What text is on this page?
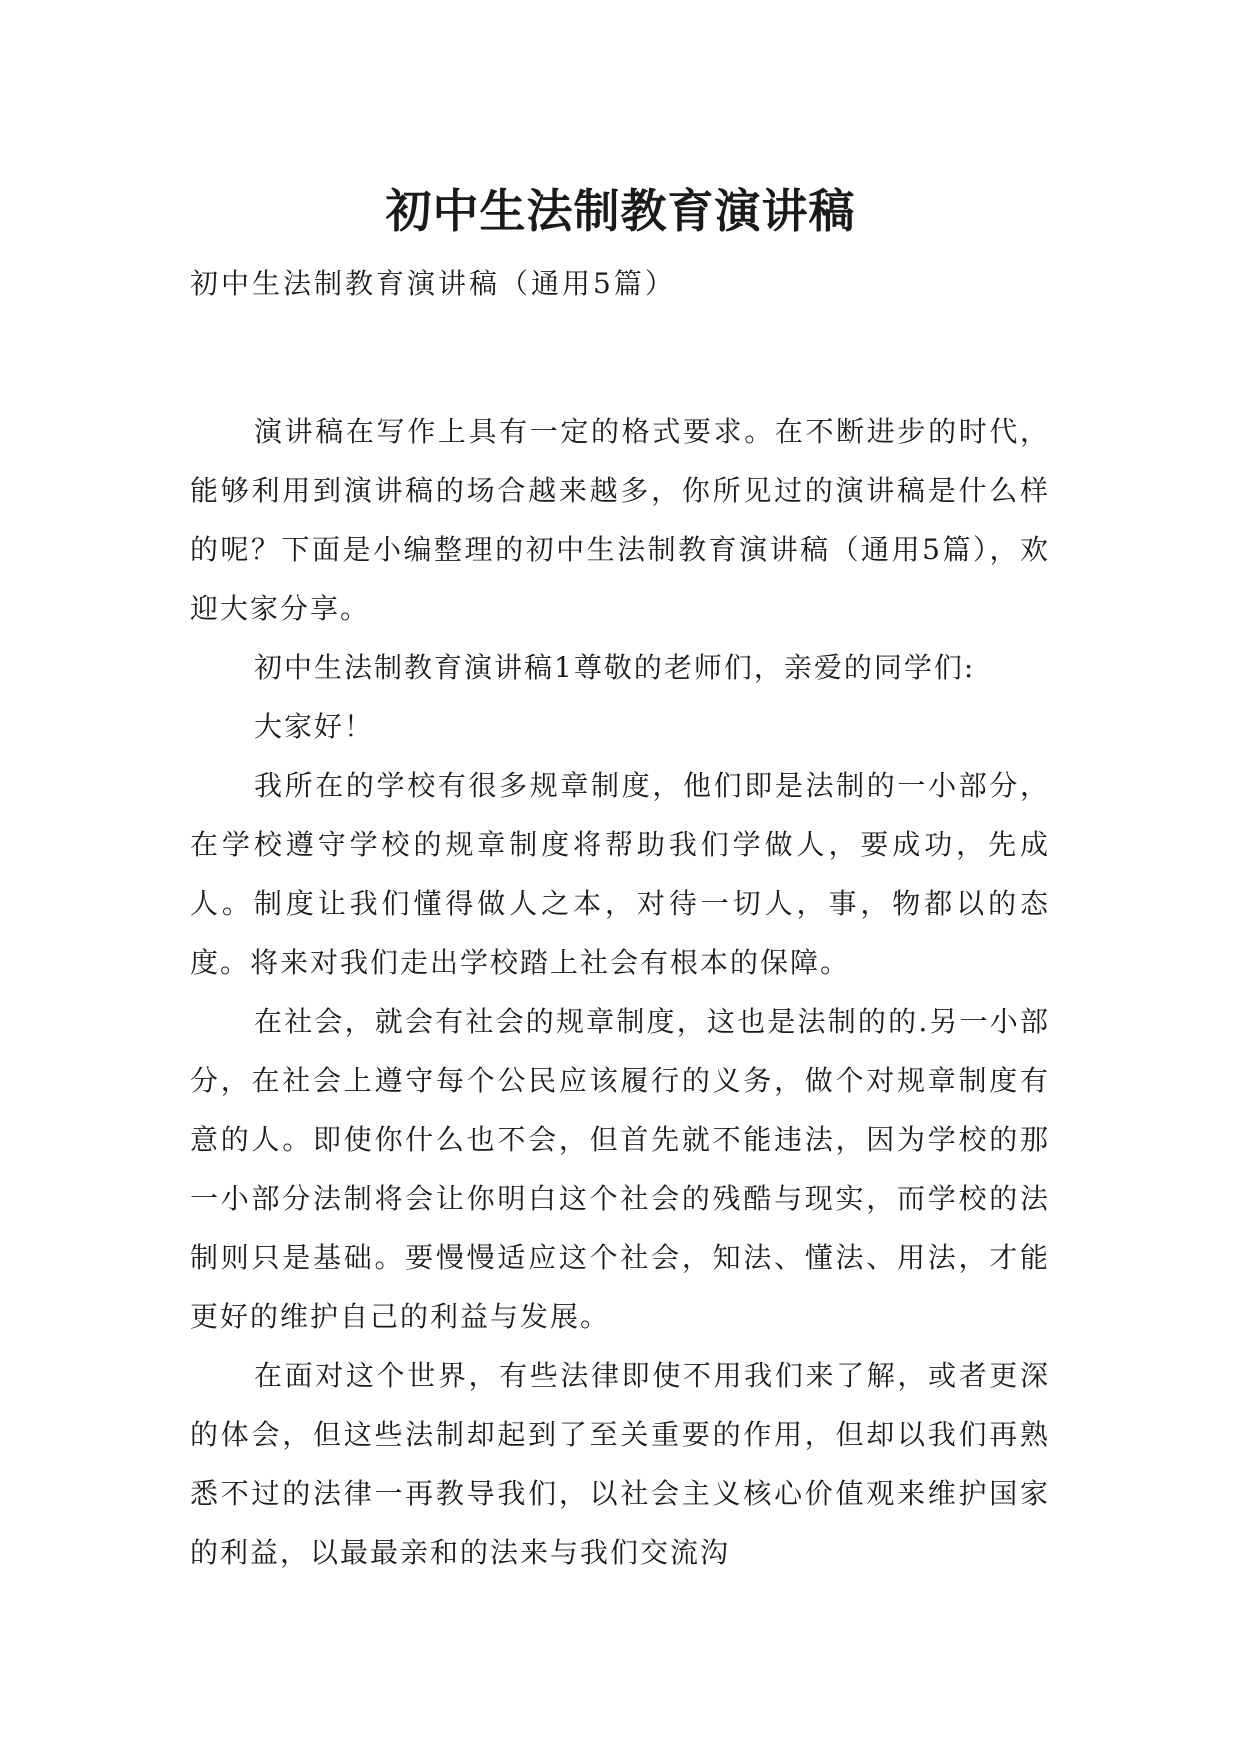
初中生法制教育演讲稿
初中生法制教育演讲稿（通用5篇）

演讲稿在写作上具有一定的格式要求。在不断进步的时代，能够利用到演讲稿的场合越来越多，你所见过的演讲稿是什么样的呢？下面是小编整理的初中生法制教育演讲稿（通用5篇），欢迎大家分享。

初中生法制教育演讲稿1尊敬的老师们，亲爱的同学们:

大家好！

我所在的学校有很多规章制度，他们即是法制的一小部分，在学校遵守学校的规章制度将帮助我们学做人，要成功，先成人。制度让我们懂得做人之本，对待一切人，事，物都以的态度。将来对我们走出学校踏上社会有根本的保障。

在社会，就会有社会的规章制度，这也是法制的的.另一小部分，在社会上遵守每个公民应该履行的义务，做个对规章制度有意的人。即使你什么也不会，但首先就不能违法，因为学校的那一小部分法制将会让你明白这个社会的残酷与现实，而学校的法制则只是基础。要慢慢适应这个社会，知法、懂法、用法，才能更好的维护自己的利益与发展。

在面对这个世界，有些法律即使不用我们来了解，或者更深的体会，但这些法制却起到了至关重要的作用，但却以我们再熟悉不过的法律一再教导我们，以社会主义核心价值观来维护国家的利益，以最最亲和的法来与我们交流沟
